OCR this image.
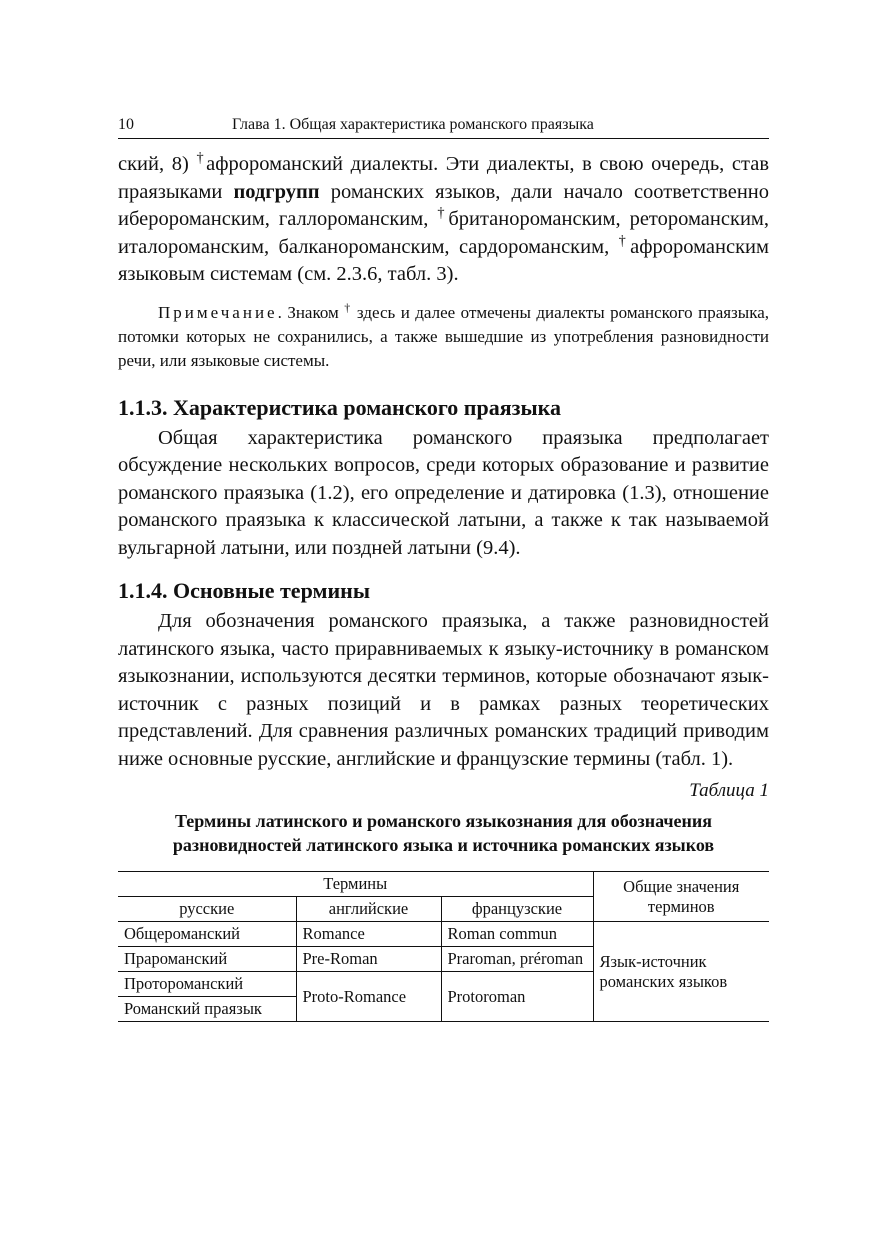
10	Глава 1. Общая характеристика романского праязыка

ский, 8) †афророманский диалекты. Эти диалекты, в свою очередь, став праязыками подгрупп романских языков, дали начало соответственно иберороманским, галлороманским, †британороманским, ретороманским, италороманским, балканороманским, сардороманским, †афророманским языковым системам (см. 2.3.6, табл. 3).

Примечание. Знаком † здесь и далее отмечены диалекты романского праязыка, потомки которых не сохранились, а также вышедшие из употребления разновидности речи, или языковые системы.
1.1.3. Характеристика романского праязыка

Общая характеристика романского праязыка предполагает обсуждение нескольких вопросов, среди которых образование и развитие романского праязыка (1.2), его определение и датировка (1.3), отношение романского праязыка к классической латыни, а также к так называемой вульгарной латыни, или поздней латыни (9.4).

1.1.4. Основные термины

Для обозначения романского праязыка, а также разновидностей латинского языка, часто приравниваемых к языку-источнику в романском языкознании, используются десятки терминов, которые обозначают язык-источник с разных позиций и в рамках разных теоретических представлений. Для сравнения различных романских традиций приводим ниже основные русские, английские и французские термины (табл. 1).

Таблица 1
Термины латинского и романского языкознания для обозначения
разновидностей латинского языка и источника романских языков
Термины			Общие значения терминов
русские	английские	французские	
Общероманский	Romance	Roman commun	Язык-источник романских языков
Прароманский	Pre-Roman	Praroman, préroman	
Протороманский	Proto-Romance	Protoroman	
Романский праязык			
